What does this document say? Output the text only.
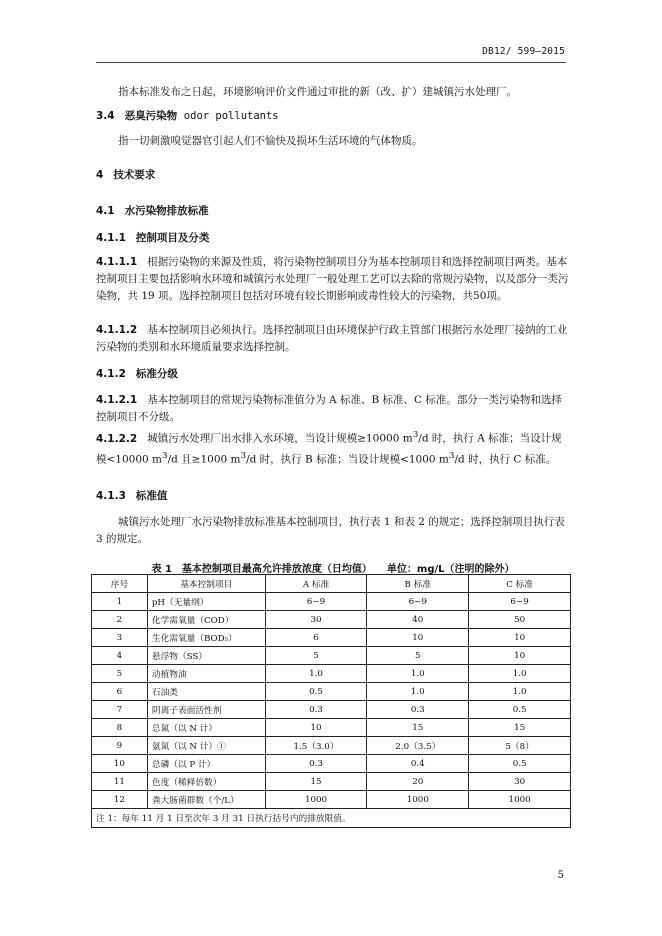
DB12/ 599—2015
指本标准发布之日起，环境影响评价文件通过审批的新（改、扩）建城镇污水处理厂。
3.4 恶臭污染物 odor pollutants
指一切刺激嗅觉器官引起人们不愉快及损坏生活环境的气体物质。
4 技术要求
4.1 水污染物排放标准
4.1.1 控制项目及分类
4.1.1.1 根据污染物的来源及性质，将污染物控制项目分为基本控制项目和选择控制项目两类。基本控制项目主要包括影响水环境和城镇污水处理厂一般处理工艺可以去除的常规污染物，以及部分一类污染物，共 19 项。选择控制项目包括对环境有较长期影响或毒性较大的污染物，共50项。
4.1.1.2 基本控制项目必须执行。选择控制项目由环境保护行政主管部门根据污水处理厂接纳的工业污染物的类别和水环境质量要求选择控制。
4.1.2 标准分级
4.1.2.1 基本控制项目的常规污染物标准值分为 A 标准、B 标准、C 标准。部分一类污染物和选择控制项目不分级。
4.1.2.2 城镇污水处理厂出水排入水环境，当设计规模≥10000 $m^3/d$ 时，执行 A 标准；当设计规模<10000 $m^3/d$ 且≥1000 $m^3/d$ 时，执行 B 标准；当设计规模<1000 $m^3/d$ 时，执行 C 标准。
4.1.3 标准值
城镇污水处理厂水污染物排放标准基本控制项目，执行表 1 和表 2 的规定；选择控制项目执行表 3 的规定。
表 1　基本控制项目最高允许排放浓度（日均值）　　单位：mg/L（注明的除外）
序号	基本控制项目	A 标准	B 标准	C 标准
1	pH（无量纲）	6~9	6~9	6~9
2	化学需氧量（COD）	30	40	50
3	生化需氧量（BOD₅）	6	10	10
4	悬浮物（SS）	5	5	10
5	动植物油	1.0	1.0	1.0
6	石油类	0.5	1.0	1.0
7	阴离子表面活性剂	0.3	0.3	0.5
8	总氮（以 N 计）	10	15	15
9	氨氮（以 N 计）①	1.5（3.0）	2.0（3.5）	5（8）
10	总磷（以 P 计）	0.3	0.4	0.5
11	色度（稀释倍数）	15	20	30
12	粪大肠菌群数（个/L）	1000	1000	1000
注 1：每年 11 月 1 日至次年 3 月 31 日执行括号内的排放限值。				
5
